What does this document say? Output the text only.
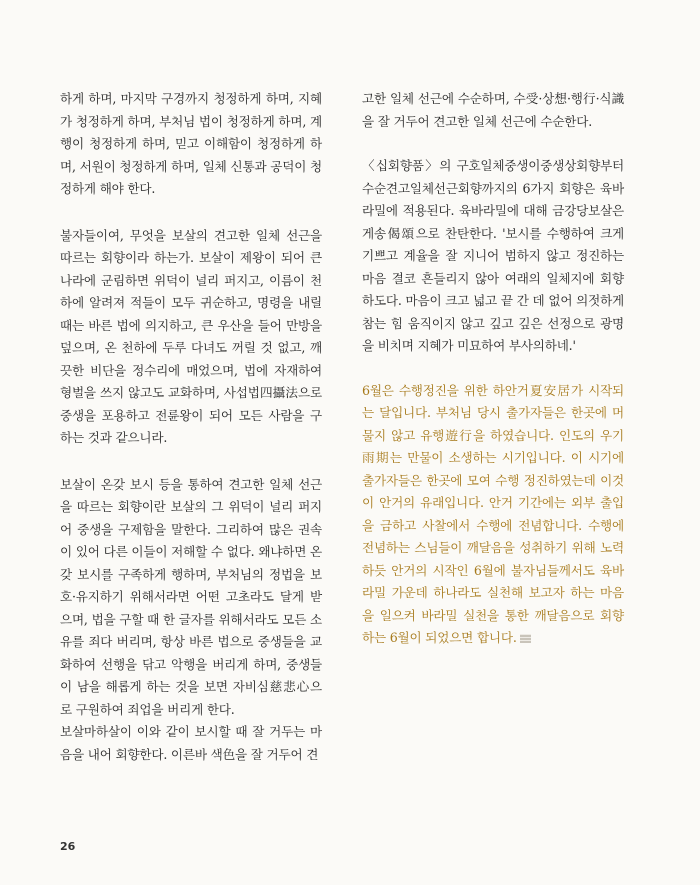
하게 하며, 마지막 구경까지 청정하게 하며, 지혜가 청정하게 하며, 부처님 법이 청정하게 하며, 계행이 청정하게 하며, 믿고 이해함이 청정하게 하며, 서원이 청정하게 하며, 일체 신통과 공덕이 청정하게 해야 한다.

불자들이여, 무엇을 보살의 견고한 일체 선근을 따르는 회향이라 하는가. 보살이 제왕이 되어 큰 나라에 군림하면 위덕이 널리 퍼지고, 이름이 천하에 알려져 적들이 모두 귀순하고, 명령을 내릴 때는 바른 법에 의지하고, 큰 우산을 들어 만방을 덮으며, 온 천하에 두루 다녀도 꺼릴 것 없고, 깨끗한 비단을 정수리에 매었으며, 법에 자재하여 형벌을 쓰지 않고도 교화하며, 사섭법四攝法으로 중생을 포용하고 전륜왕이 되어 모든 사람을 구하는 것과 같으니라.

보살이 온갖 보시 등을 통하여 견고한 일체 선근을 따르는 회향이란 보살의 그 위덕이 널리 퍼지어 중생을 구제함을 말한다. 그리하여 많은 권속이 있어 다른 이들이 저해할 수 없다. 왜냐하면 온갖 보시를 구족하게 행하며, 부처님의 정법을 보호·유지하기 위해서라면 어떤 고초라도 달게 받으며, 법을 구할 때 한 글자를 위해서라도 모든 소유를 죄다 버리며, 항상 바른 법으로 중생들을 교화하여 선행을 닦고 악행을 버리게 하며, 중생들이 남을 해롭게 하는 것을 보면 자비심慈悲心으로 구원하여 죄업을 버리게 한다.

보살마하살이 이와 같이 보시할 때 잘 거두는 마음을 내어 회향한다. 이른바 색色을 잘 거두어 견

고한 일체 선근에 수순하며, 수受·상想·행行·식識을 잘 거두어 견고한 일체 선근에 수순한다.

〈십회향품〉의 구호일체중생이중생상회향부터 수순견고일체선근회향까지의 6가지 회향은 육바라밀에 적용된다. 육바라밀에 대해 금강당보살은 게송偈頌으로 찬탄한다. '보시를 수행하여 크게 기쁘고 계율을 잘 지니어 범하지 않고 정진하는 마음 결코 흔들리지 않아 여래의 일체지에 회향하도다. 마음이 크고 넓고 끝 간 데 없어 의젓하게 참는 힘 움직이지 않고 깊고 깊은 선정으로 광명을 비치며 지혜가 미묘하여 부사의하네.'

6월은 수행정진을 위한 하안거夏安居가 시작되는 달입니다. 부처님 당시 출가자들은 한곳에 머물지 않고 유행遊行을 하였습니다. 인도의 우기雨期는 만물이 소생하는 시기입니다. 이 시기에 출가자들은 한곳에 모여 수행 정진하였는데 이것이 안거의 유래입니다. 안거 기간에는 외부 출입을 금하고 사찰에서 수행에 전념합니다. 수행에 전념하는 스님들이 깨달음을 성취하기 위해 노력하듯 안거의 시작인 6월에 불자님들께서도 육바라밀 가운데 하나라도 실천해 보고자 하는 마음을 일으켜 바라밀 실천을 통한 깨달음으로 회향하는 6월이 되었으면 합니다.

26
